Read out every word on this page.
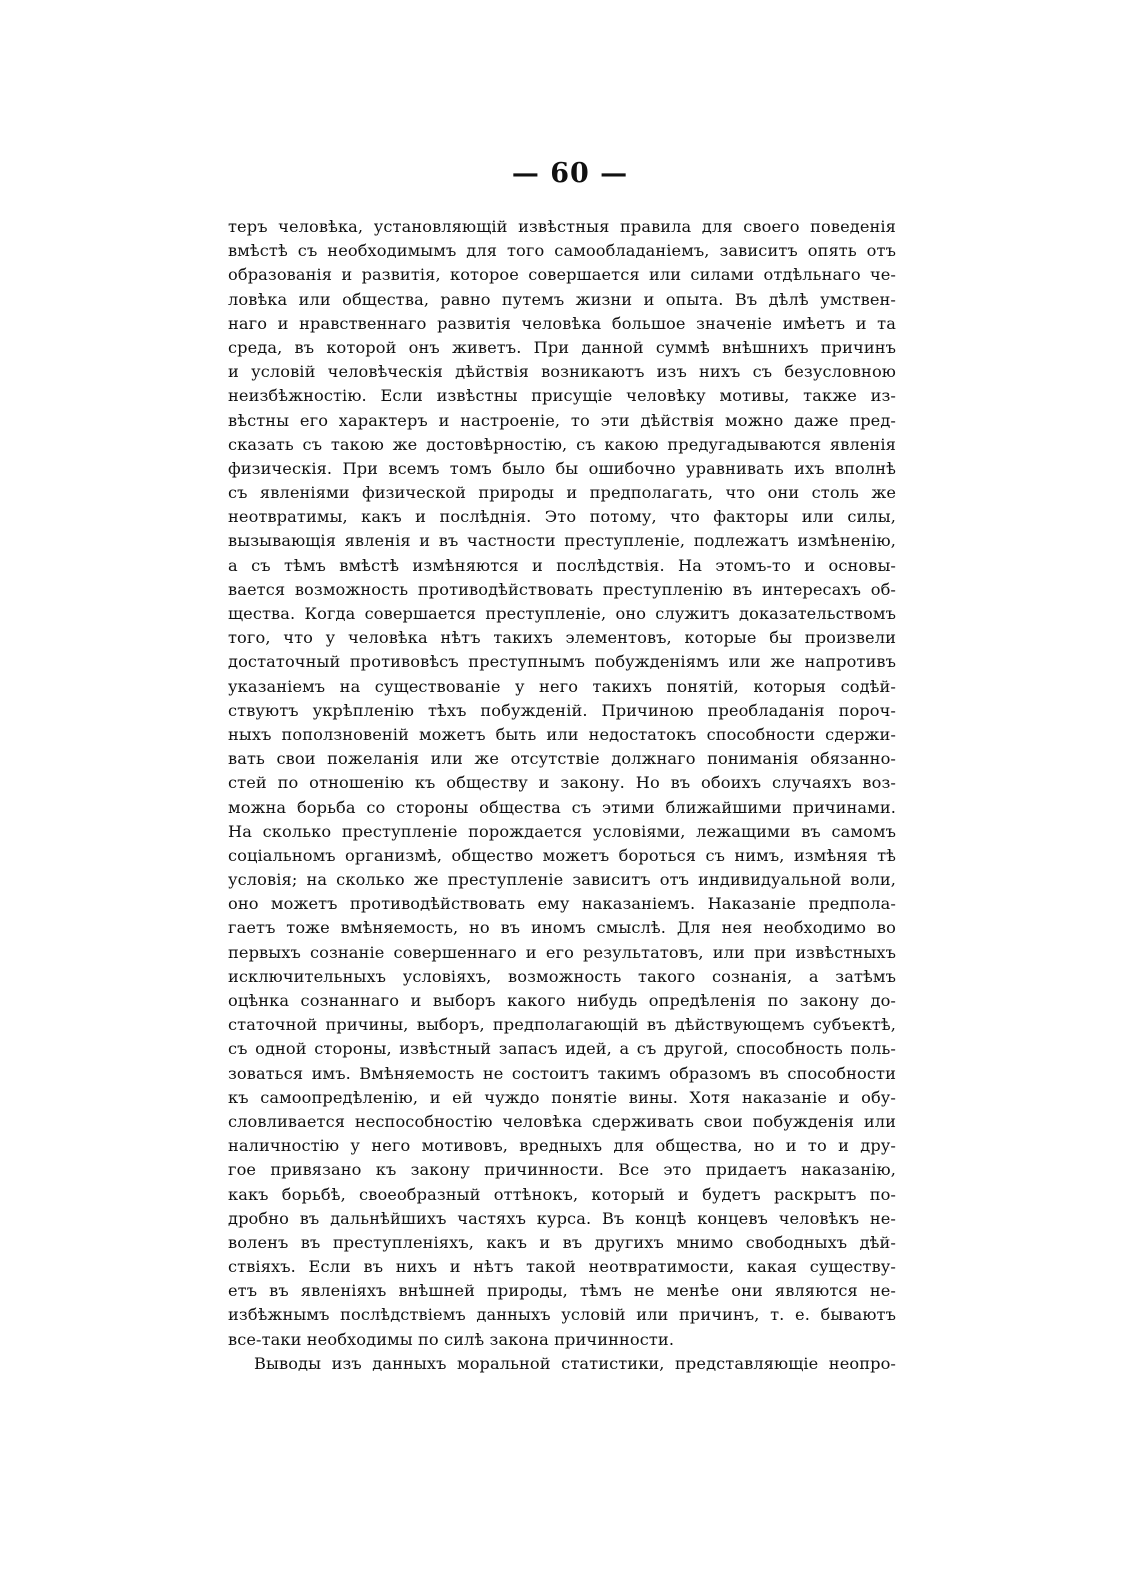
— 60 —
теръ человѣка, установляющій извѣстныя правила для своего поведенія
вмѣстѣ съ необходимымъ для того самообладаніемъ, зависитъ опять отъ
образованія и развитія, которое совершается или силами отдѣльнаго че-
ловѣка или общества, равно путемъ жизни и опыта. Въ дѣлѣ умствен-
наго и нравственнаго развитія человѣка большое значеніе имѣетъ и та
среда, въ которой онъ живетъ. При данной суммѣ внѣшнихъ причинъ
и условій человѣческія дѣйствія возникаютъ изъ нихъ съ безусловною
неизбѣжностію. Если извѣстны присущіе человѣку мотивы, также из-
вѣстны его характеръ и настроеніе, то эти дѣйствія можно даже пред-
сказать съ такою же достовѣрностію, съ какою предугадываются явленія
физическія. При всемъ томъ было бы ошибочно уравнивать ихъ вполнѣ
съ явленіями физической природы и предполагать, что они столь же
неотвратимы, какъ и послѣднія. Это потому, что факторы или силы,
вызывающія явленія и въ частности преступленіе, подлежатъ измѣненію,
а съ тѣмъ вмѣстѣ измѣняются и послѣдствія. На этомъ-то и основы-
вается возможность противодѣйствовать преступленію въ интересахъ об-
щества. Когда совершается преступленіе, оно служитъ доказательствомъ
того, что у человѣка нѣтъ такихъ элементовъ, которые бы произвели
достаточный противовѣсъ преступнымъ побужденіямъ или же напротивъ
указаніемъ на существованіе у него такихъ понятій, которыя содѣй-
ствуютъ укрѣпленію тѣхъ побужденій. Причиною преобладанія пороч-
ныхъ поползновеній можетъ быть или недостатокъ способности сдержи-
вать свои пожеланія или же отсутствіе должнаго пониманія обязанно-
стей по отношенію къ обществу и закону. Но въ обоихъ случаяхъ воз-
можна борьба со стороны общества съ этими ближайшими причинами.
На сколько преступленіе порождается условіями, лежащими въ самомъ
соціальномъ организмѣ, общество можетъ бороться съ нимъ, измѣняя тѣ
условія; на сколько же преступленіе зависитъ отъ индивидуальной воли,
оно можетъ противодѣйствовать ему наказаніемъ. Наказаніе предпола-
гаетъ тоже вмѣняемость, но въ иномъ смыслѣ. Для нея необходимо во
первыхъ сознаніе совершеннаго и его результатовъ, или при извѣстныхъ
исключительныхъ условіяхъ, возможность такого сознанія, а затѣмъ
оцѣнка сознаннаго и выборъ какого нибудь опредѣленія по закону до-
статочной причины, выборъ, предполагающій въ дѣйствующемъ субъектѣ,
съ одной стороны, извѣстный запасъ идей, а съ другой, способность поль-
зоваться имъ. Вмѣняемость не состоитъ такимъ образомъ въ способности
къ самоопредѣленію, и ей чуждо понятіе вины. Хотя наказаніе и обу-
словливается неспособностію человѣка сдерживать свои побужденія или
наличностію у него мотивовъ, вредныхъ для общества, но и то и дру-
гое привязано къ закону причинности. Все это придаетъ наказанію,
какъ борьбѣ, своеобразный оттѣнокъ, который и будетъ раскрытъ по-
дробно въ дальнѣйшихъ частяхъ курса. Въ концѣ концевъ человѣкъ не-
воленъ въ преступленіяхъ, какъ и въ другихъ мнимо свободныхъ дѣй-
ствіяхъ. Если въ нихъ и нѣтъ такой неотвратимости, какая существу-
етъ въ явленіяхъ внѣшней природы, тѣмъ не менѣе они являются не-
избѣжнымъ послѣдствіемъ данныхъ условій или причинъ, т. е. бываютъ
все-таки необходимы по силѣ закона причинности.
Выводы изъ данныхъ моральной статистики, представляющіе неопро-
